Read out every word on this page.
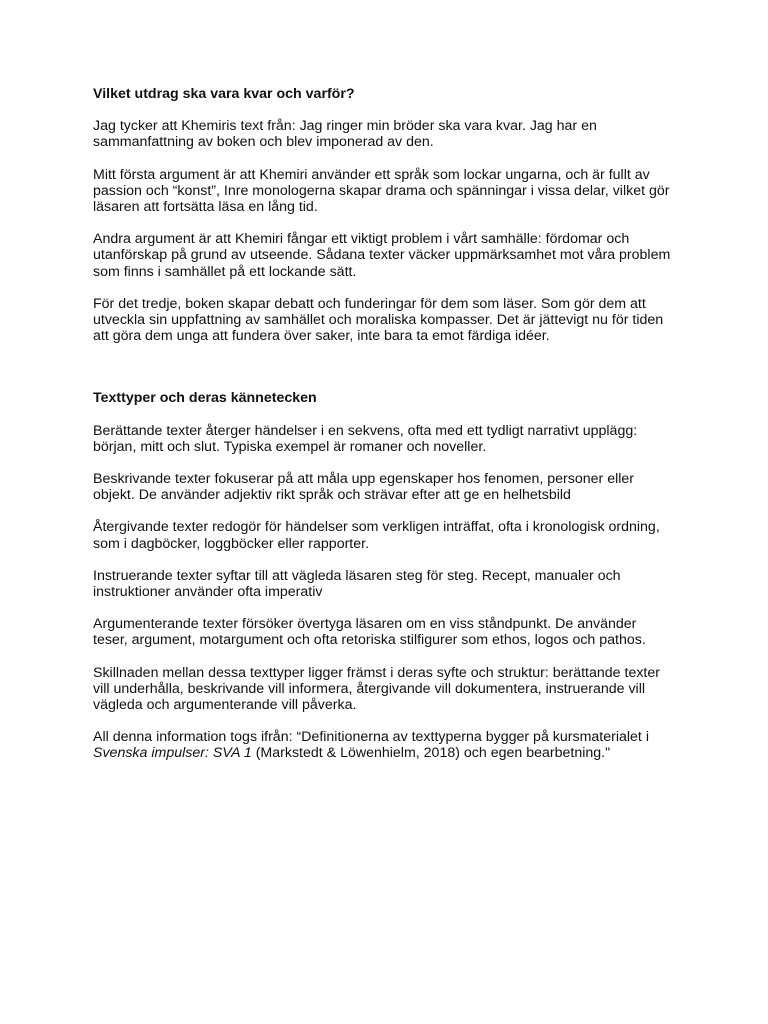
Vilket utdrag ska vara kvar och varför?

Jag tycker att Khemiris text från: Jag ringer min bröder ska vara kvar. Jag har en
sammanfattning av boken och blev imponerad av den.

Mitt första argument är att Khemiri använder ett språk som lockar ungarna, och är fullt av
passion och “konst”, Inre monologerna skapar drama och spänningar i vissa delar, vilket gör
läsaren att fortsätta läsa en lång tid.

Andra argument är att Khemiri fångar ett viktigt problem i vårt samhälle: fördomar och
utanförskap på grund av utseende. Sådana texter väcker uppmärksamhet mot våra problem
som finns i samhället på ett lockande sätt.

För det tredje, boken skapar debatt och funderingar för dem som läser. Som gör dem att
utveckla sin uppfattning av samhället och moraliska kompasser. Det är jättevigt nu för tiden
att göra dem unga att fundera över saker, inte bara ta emot färdiga idéer.

Texttyper och deras kännetecken

Berättande texter återger händelser i en sekvens, ofta med ett tydligt narrativt upplägg:
början, mitt och slut. Typiska exempel är romaner och noveller.

Beskrivande texter fokuserar på att måla upp egenskaper hos fenomen, personer eller
objekt. De använder adjektiv rikt språk och strävar efter att ge en helhetsbild

Återgivande texter redogör för händelser som verkligen inträffat, ofta i kronologisk ordning,
som i dagböcker, loggböcker eller rapporter.

Instruerande texter syftar till att vägleda läsaren steg för steg. Recept, manualer och
instruktioner använder ofta imperativ

Argumenterande texter försöker övertyga läsaren om en viss ståndpunkt. De använder
teser, argument, motargument och ofta retoriska stilfigurer som ethos, logos och pathos.

Skillnaden mellan dessa texttyper ligger främst i deras syfte och struktur: berättande texter
vill underhålla, beskrivande vill informera, återgivande vill dokumentera, instruerande vill
vägleda och argumenterande vill påverka.

All denna information togs ifrån: “Definitionerna av texttyperna bygger på kursmaterialet i
Svenska impulser: SVA 1 (Markstedt & Löwenhielm, 2018) och egen bearbetning."
